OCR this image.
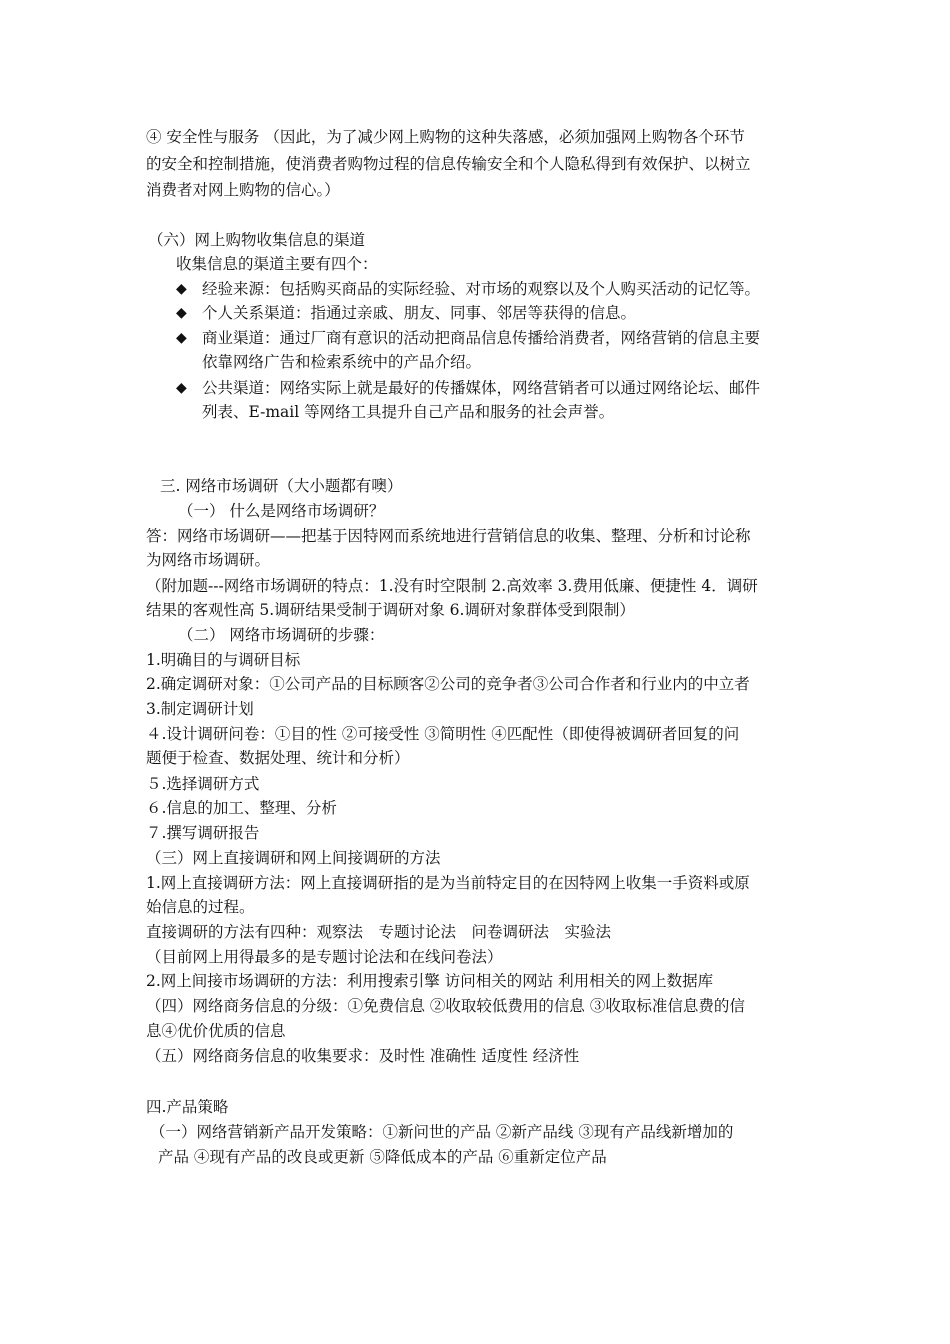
④ 安全性与服务 （因此，为了减少网上购物的这种失落感，必须加强网上购物各个环节
的安全和控制措施，使消费者购物过程的信息传输安全和个人隐私得到有效保护、以树立
消费者对网上购物的信心。）
（六）网上购物收集信息的渠道
收集信息的渠道主要有四个：
◆ 经验来源：包括购买商品的实际经验、对市场的观察以及个人购买活动的记忆等。
◆ 个人关系渠道：指通过亲戚、朋友、同事、邻居等获得的信息。
◆ 商业渠道：通过厂商有意识的活动把商品信息传播给消费者，网络营销的信息主要
依靠网络广告和检索系统中的产品介绍。
◆ 公共渠道：网络实际上就是最好的传播媒体，网络营销者可以通过网络论坛、邮件
列表、E-mail 等网络工具提升自己产品和服务的社会声誉。
三. 网络市场调研（大小题都有噢）
（一） 什么是网络市场调研？
答：网络市场调研——把基于因特网而系统地进行营销信息的收集、整理、分析和讨论称
为网络市场调研。
（附加题---网络市场调研的特点：1.没有时空限制 2.高效率 3.费用低廉、便捷性 4．调研
结果的客观性高 5.调研结果受制于调研对象 6.调研对象群体受到限制）
（二） 网络市场调研的步骤：
1.明确目的与调研目标
2.确定调研对象：①公司产品的目标顾客②公司的竞争者③公司合作者和行业内的中立者
3.制定调研计划
４.设计调研问卷：①目的性 ②可接受性 ③简明性 ④匹配性（即使得被调研者回复的问
题便于检查、数据处理、统计和分析）
５.选择调研方式
６.信息的加工、整理、分析
７.撰写调研报告
（三）网上直接调研和网上间接调研的方法
1.网上直接调研方法：网上直接调研指的是为当前特定目的在因特网上收集一手资料或原
始信息的过程。
直接调研的方法有四种：观察法　专题讨论法　问卷调研法　实验法
（目前网上用得最多的是专题讨论法和在线问卷法）
2.网上间接市场调研的方法：利用搜索引擎 访问相关的网站 利用相关的网上数据库
（四）网络商务信息的分级：①免费信息 ②收取较低费用的信息 ③收取标准信息费的信
息④优价优质的信息
（五）网络商务信息的收集要求：及时性 准确性 适度性 经济性
四.产品策略
（一）网络营销新产品开发策略：①新问世的产品 ②新产品线 ③现有产品线新增加的
产品 ④现有产品的改良或更新 ⑤降低成本的产品 ⑥重新定位产品
